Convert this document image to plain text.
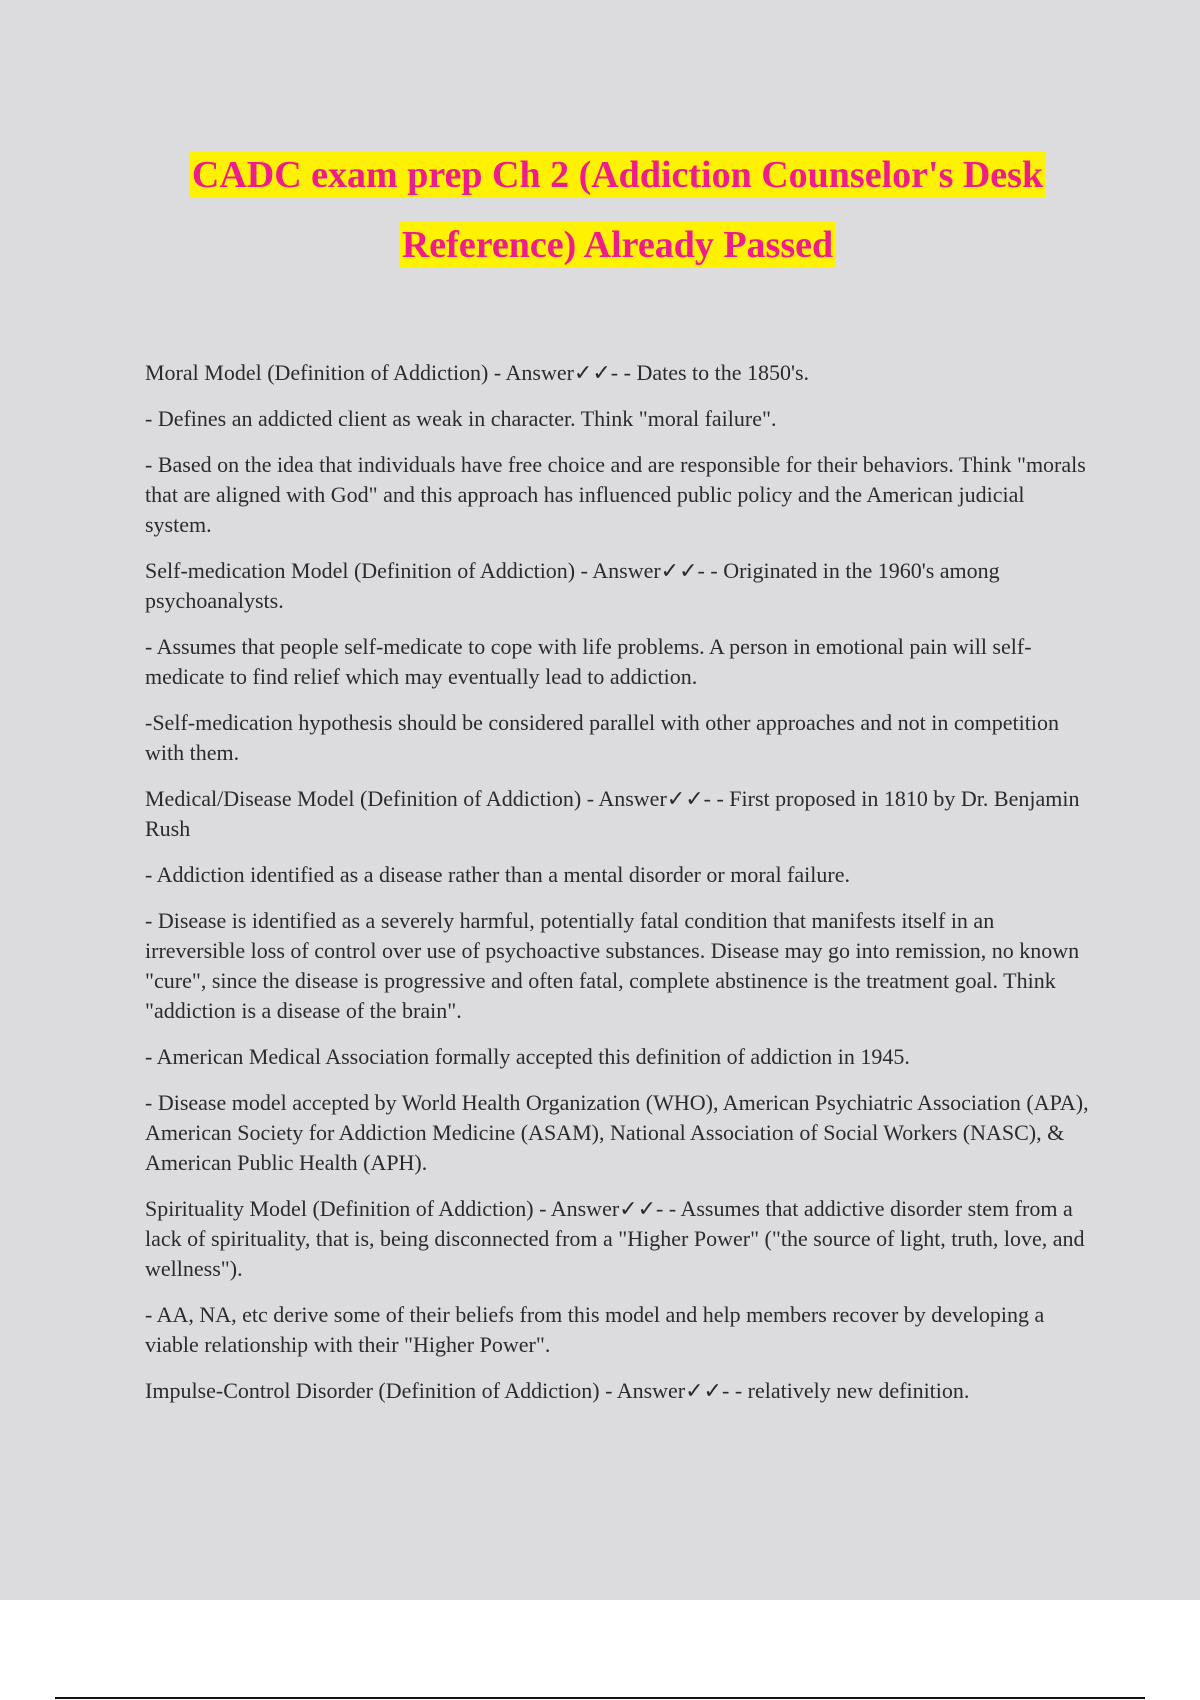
CADC exam prep Ch 2 (Addiction Counselor's Desk
Reference) Already Passed

Moral Model (Definition of Addiction) - Answer✓✓- - Dates to the 1850's.

- Defines an addicted client as weak in character. Think "moral failure".

- Based on the idea that individuals have free choice and are responsible for their behaviors. Think "morals that are aligned with God" and this approach has influenced public policy and the American judicial system.

Self-medication Model (Definition of Addiction) - Answer✓✓- - Originated in the 1960's among psychoanalysts.

- Assumes that people self-medicate to cope with life problems. A person in emotional pain will self-medicate to find relief which may eventually lead to addiction.

-Self-medication hypothesis should be considered parallel with other approaches and not in competition with them.

Medical/Disease Model (Definition of Addiction) - Answer✓✓- - First proposed in 1810 by Dr. Benjamin Rush

- Addiction identified as a disease rather than a mental disorder or moral failure.

- Disease is identified as a severely harmful, potentially fatal condition that manifests itself in an irreversible loss of control over use of psychoactive substances. Disease may go into remission, no known "cure", since the disease is progressive and often fatal, complete abstinence is the treatment goal. Think "addiction is a disease of the brain".

- American Medical Association formally accepted this definition of addiction in 1945.

- Disease model accepted by World Health Organization (WHO), American Psychiatric Association (APA), American Society for Addiction Medicine (ASAM), National Association of Social Workers (NASC), & American Public Health (APH).

Spirituality Model (Definition of Addiction) - Answer✓✓- - Assumes that addictive disorder stem from a lack of spirituality, that is, being disconnected from a "Higher Power" ("the source of light, truth, love, and wellness").

- AA, NA, etc derive some of their beliefs from this model and help members recover by developing a viable relationship with their "Higher Power".

Impulse-Control Disorder (Definition of Addiction) - Answer✓✓- - relatively new definition.
